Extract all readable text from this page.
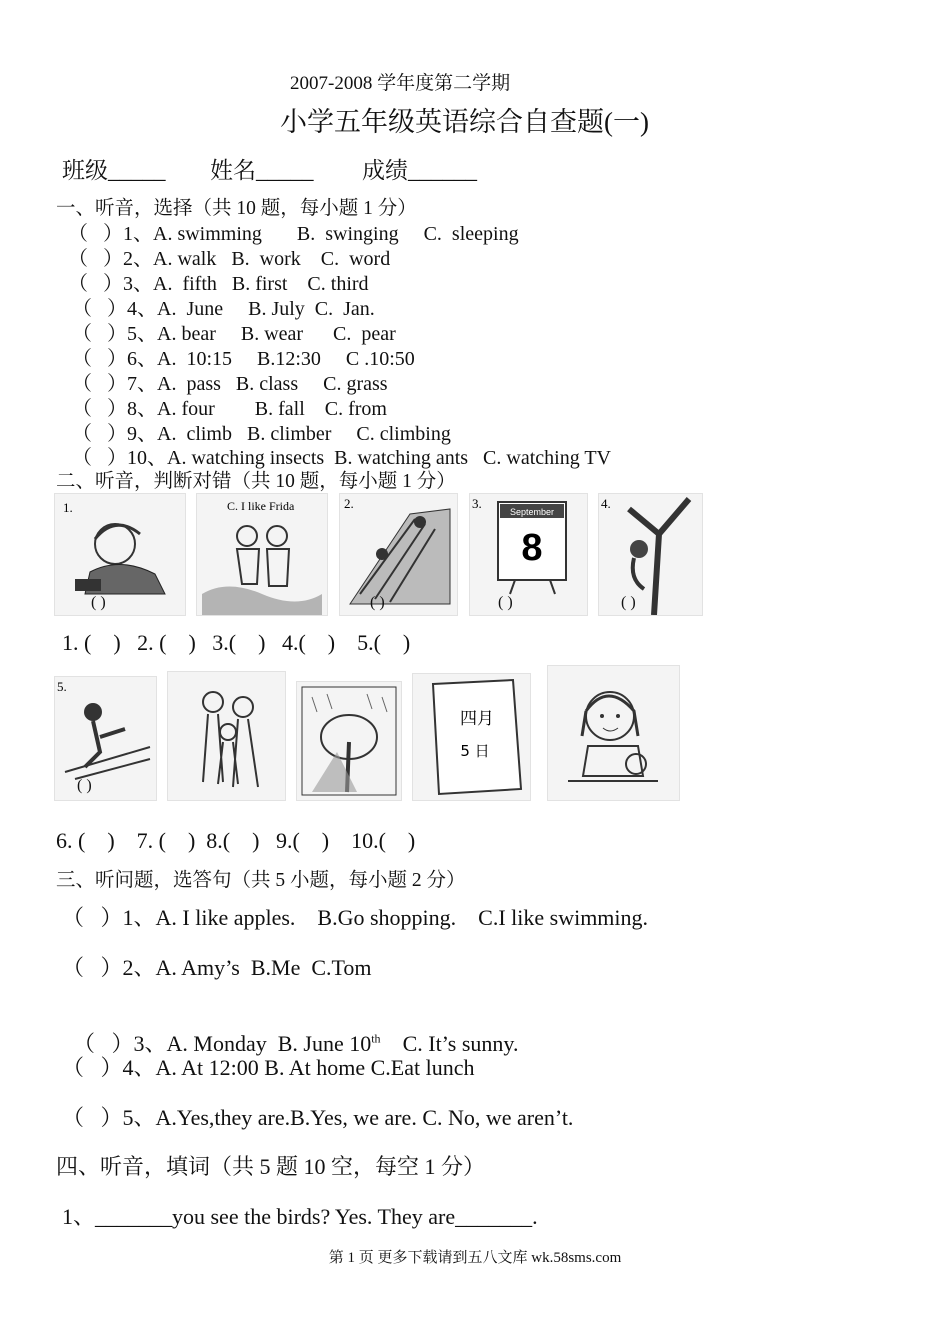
2007-2008 学年度第二学期
小学五年级英语综合自查题(一)
班级_____ 姓名_____ 成绩______
一、听音，选择（共 10 题，每小题 1 分）
（   ）1、A. swimming       B.  swinging     C.  sleeping
（   ）2、A. walk   B.  work    C.  word
（   ）3、A.  fifth   B. first    C. third
（   ）4、A.  June     B. July  C.  Jan.
（   ）5、A. bear     B. wear      C.  pear
（   ）6、A.  10:15     B.12:30     C .10:50
（   ）7、A.  pass   B. class     C. grass
（   ）8、A. four        B. fall    C. from
（   ）9、A.  climb   B. climber     C. climbing
（   ）10、A. watching insects  B. watching ants   C. watching TV
二、听音，判断对错（共 10 题，每小题 1 分）
1.
( )
C. I like Frida	2.
( )
3.
September
8
( )
4.
( )
1. (    )   2. (    )   3.(    )   4.(    )    5.(    )
5.
( )
四月
5 日
6. (    )    7. (    )  8.(    )   9.(    )    10.(    )
三、听问题，选答句（共 5 小题，每小题 2 分）
（   ）1、A. I like apples.    B.Go shopping.    C.I like swimming.
（   ）2、A. Amy’s  B.Me  C.Tom

（   ）3、A. Monday  B. June 10th    C. It’s sunny.

（   ）4、A. At 12:00 B. At home C.Eat lunch
（   ）5、A.Yes,they are.B.Yes, we are. C. No, we aren’t.
四、听音，填词（共 5 题 10 空，每空 1 分）
1、_______you see the birds? Yes. They are_______.
第 1 页 更多下载请到五八文库 wk.58sms.com
